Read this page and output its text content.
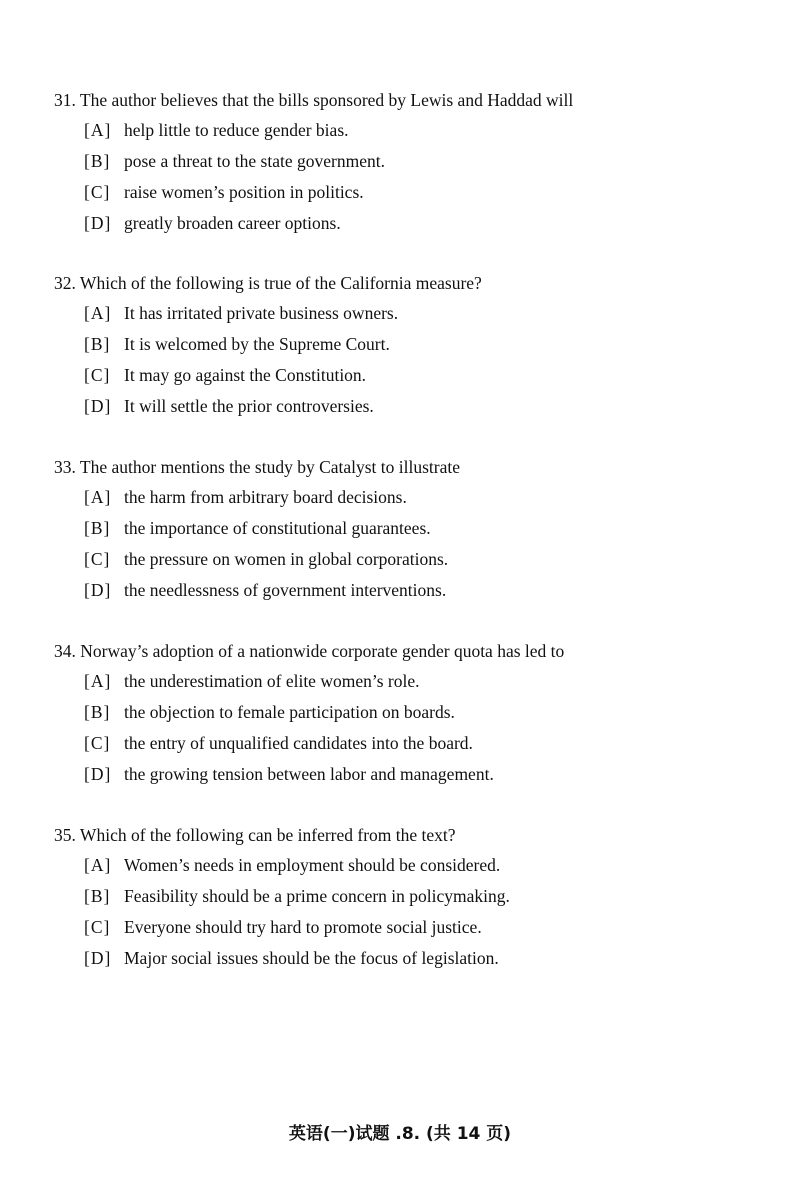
31. The author believes that the bills sponsored by Lewis and Haddad will
[A] help little to reduce gender bias.
[B] pose a threat to the state government.
[C] raise women’s position in politics.
[D] greatly broaden career options.
32. Which of the following is true of the California measure?
[A] It has irritated private business owners.
[B] It is welcomed by the Supreme Court.
[C] It may go against the Constitution.
[D] It will settle the prior controversies.
33. The author mentions the study by Catalyst to illustrate
[A] the harm from arbitrary board decisions.
[B] the importance of constitutional guarantees.
[C] the pressure on women in global corporations.
[D] the needlessness of government interventions.
34. Norway’s adoption of a nationwide corporate gender quota has led to
[A] the underestimation of elite women’s role.
[B] the objection to female participation on boards.
[C] the entry of unqualified candidates into the board.
[D] the growing tension between labor and management.
35. Which of the following can be inferred from the text?
[A] Women’s needs in employment should be considered.
[B] Feasibility should be a prime concern in policymaking.
[C] Everyone should try hard to promote social justice.
[D] Major social issues should be the focus of legislation.
英语(一)试题 .8. (共 14 页)
